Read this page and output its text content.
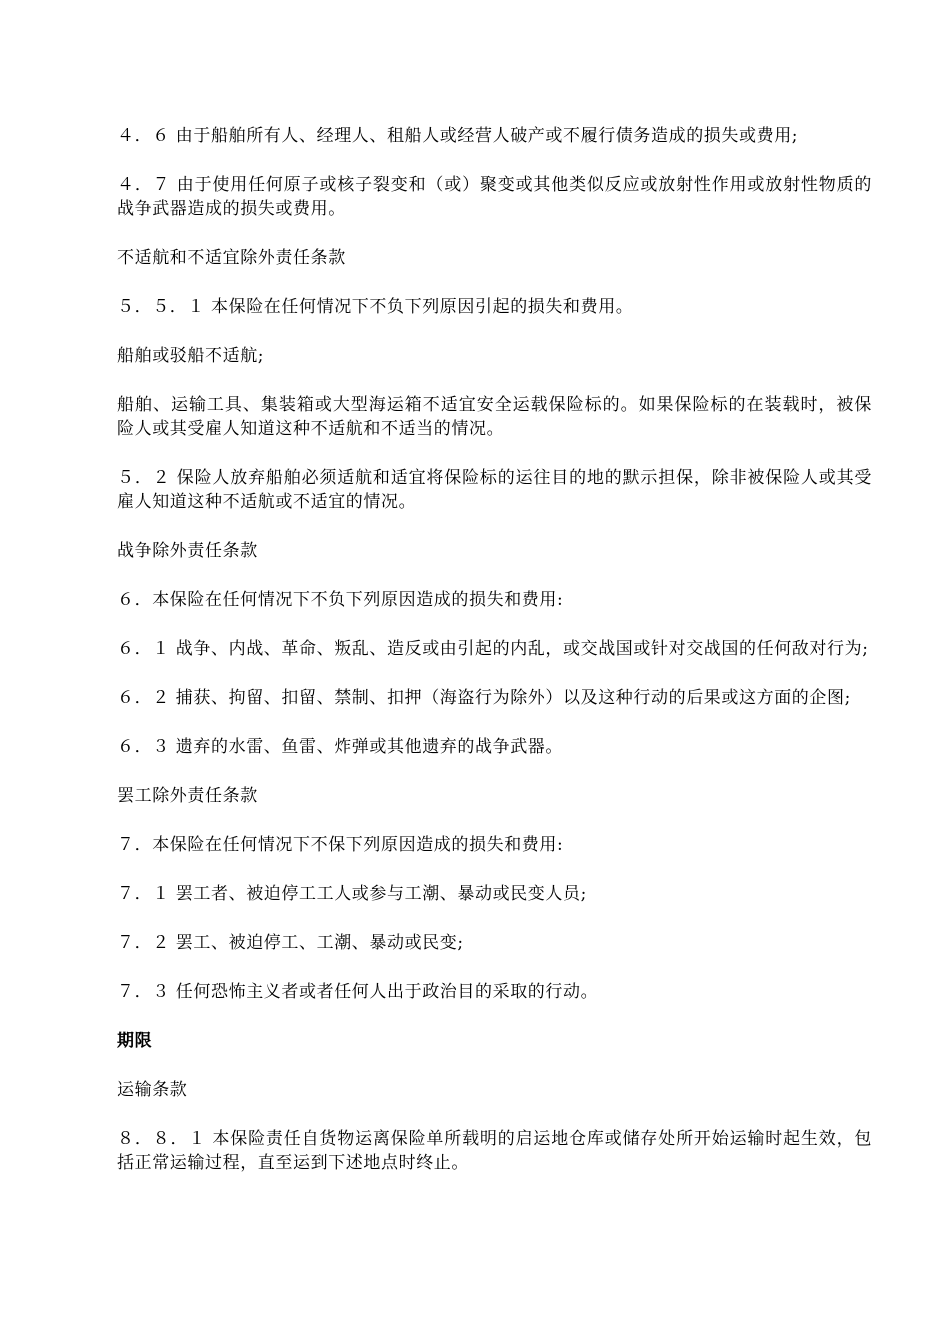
４．６ 由于船舶所有人、经理人、租船人或经营人破产或不履行债务造成的损失或费用;

４．７ 由于使用任何原子或核子裂变和（或）聚变或其他类似反应或放射性作用或放射性物质的战争武器造成的损失或费用。

不适航和不适宜除外责任条款

５．５．１ 本保险在任何情况下不负下列原因引起的损失和费用。

船舶或驳船不适航;

船舶、运输工具、集装箱或大型海运箱不适宜安全运载保险标的。如果保险标的在装载时，被保险人或其受雇人知道这种不适航和不适当的情况。

５．２ 保险人放弃船舶必须适航和适宜将保险标的运往目的地的默示担保，除非被保险人或其受雇人知道这种不适航或不适宜的情况。

战争除外责任条款

６．本保险在任何情况下不负下列原因造成的损失和费用:

６．１ 战争、内战、革命、叛乱、造反或由引起的内乱，或交战国或针对交战国的任何敌对行为;

６．２ 捕获、拘留、扣留、禁制、扣押（海盗行为除外）以及这种行动的后果或这方面的企图;

６．３ 遗弃的水雷、鱼雷、炸弹或其他遗弃的战争武器。

罢工除外责任条款

７．本保险在任何情况下不保下列原因造成的损失和费用:

７．１ 罢工者、被迫停工工人或参与工潮、暴动或民变人员;

７．２ 罢工、被迫停工、工潮、暴动或民变;

７．３ 任何恐怖主义者或者任何人出于政治目的采取的行动。

期限

运输条款

８．８．１ 本保险责任自货物运离保险单所载明的启运地仓库或储存处所开始运输时起生效，包括正常运输过程，直至运到下述地点时终止。
